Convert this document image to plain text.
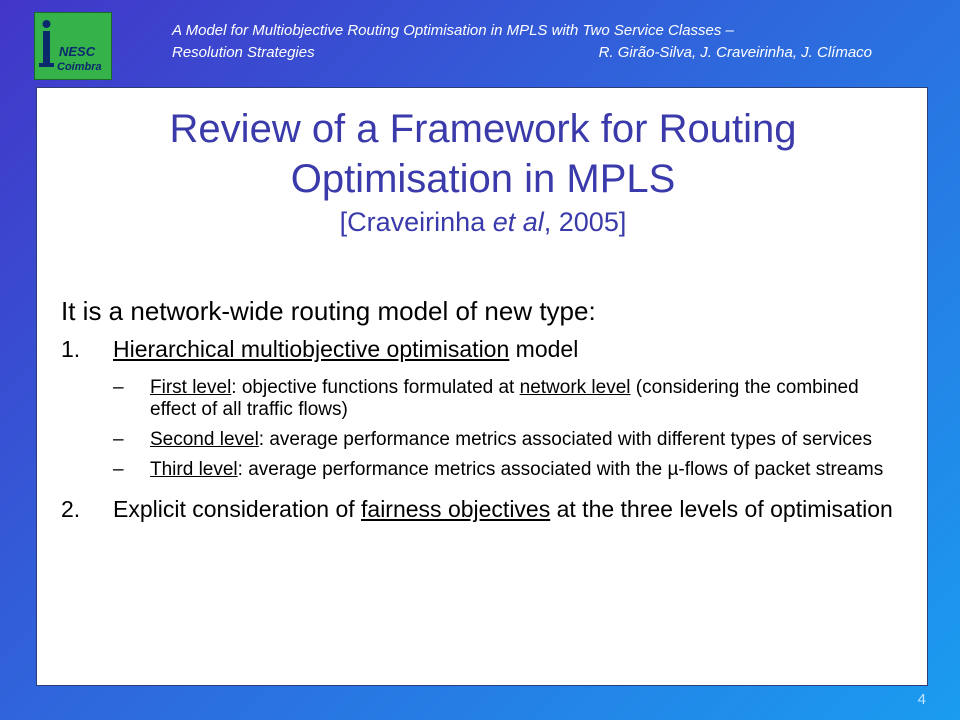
NESC
Coimbra
A Model for Multiobjective Routing Optimisation in MPLS with Two Service Classes –
Resolution Strategies	R. Girão-Silva, J. Craveirinha, J. Clímaco
Review of a Framework for Routing
Optimisation in MPLS
[Craveirinha et al, 2005]
It is a network-wide routing model of new type:
1.	Hierarchical multiobjective optimisation model
–	First level: objective functions formulated at network level (considering the combined effect of all traffic flows)
–	Second level: average performance metrics associated with different types of services
–	Third level: average performance metrics associated with the µ-flows of packet streams
2.	Explicit consideration of fairness objectives at the three levels of optimisation
4
